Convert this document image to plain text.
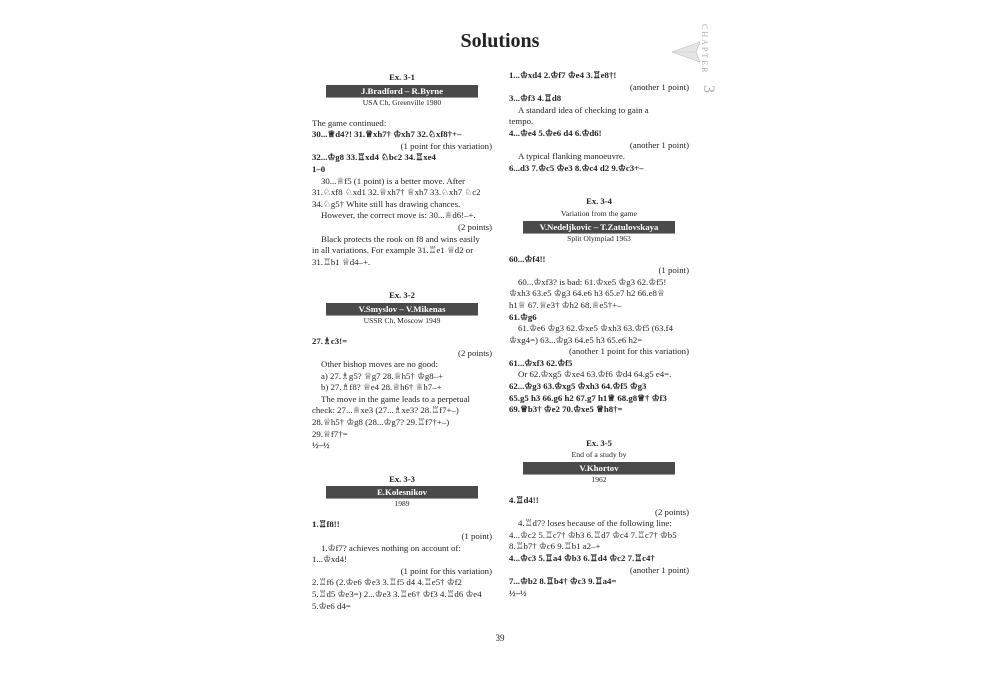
Solutions	CHAPTER
3
Ex. 3-1
J.Bradford – R.Byrne
USA Ch, Greenville 1980
The game continued:
30...♕d4?! 31.♕xh7† ♔xh7 32.♘xf8†+–
(1 point for this variation)
32...♔g8 33.♖xd4 ♘bc2 34.♖xe4
1–0
30...♕f5 (1 point) is a better move. After
31.♘xf8 ♘xd1 32.♕xh7† ♕xh7 33.♘xh7 ♘c2
34.♘g5† White still has drawing chances.
However, the correct move is: 30...♕d6!–+.
(2 points)
Black protects the rook on f8 and wins easily
in all variations. For example 31.♖e1 ♕d2 or
31.♖b1 ♕d4–+.
Ex. 3-2
V.Smyslov – V.Mikenas
USSR Ch, Moscow 1949
27.♗c3!=
(2 points)
Other bishop moves are no good:
a) 27.♗g5? ♕g7 28.♕h5† ♔g8–+
b) 27.♗f8? ♕e4 28.♕h6† ♕h7–+
The move in the game leads to a perpetual
check: 27...♕xe3 (27...♗xe3? 28.♖f7+–)
28.♕h5† ♔g8 (28...♔g7? 29.♖f7†+–)
29.♕f7†=
½–½
Ex. 3-3
E.Kolesnikov
1989
1.♖f8!!
(1 point)
1.♔f7? achieves nothing on account of:
1...♔xd4!
(1 point for this variation)
2.♖f6 (2.♔e6 ♔e3 3.♖f5 d4 4.♖e5† ♔f2
5.♖d5 ♔e3=) 2...♔e3 3.♖e6† ♔f3 4.♖d6 ♔e4
5.♔e6 d4=
1...♔xd4 2.♔f7 ♔e4 3.♖e8†!
(another 1 point)
3...♔f3 4.♖d8
A standard idea of checking to gain a
tempo.
4...♔e4 5.♔e6 d4 6.♔d6!
(another 1 point)
A typical flanking manoeuvre.
6...d3 7.♔c5 ♔e3 8.♔c4 d2 9.♔c3+–
Ex. 3-4
Variation from the game
V.Nedeljkovic – T.Zatulovskaya
Split Olympiad 1963
60...♔f4!!
(1 point)
60...♔xf3? is bad: 61.♔xe5 ♔g3 62.♔f5!
♔xh3 63.e5 ♔g3 64.e6 h3 65.e7 h2 66.e8♕
h1♕ 67.♕e3† ♔h2 68.♕e5†+–
61.♔g6
61.♔e6 ♔g3 62.♔xe5 ♔xh3 63.♔f5 (63.f4
♔xg4=) 63...♔g3 64.e5 h3 65.e6 h2=
(another 1 point for this variation)
61...♔xf3 62.♔f5
Or 62.♔xg5 ♔xe4 63.♔f6 ♔d4 64.g5 e4=.
62...♔g3 63.♔xg5 ♔xh3 64.♔f5 ♔g3
65.g5 h3 66.g6 h2 67.g7 h1♕ 68.g8♕† ♔f3
69.♕b3† ♔e2 70.♔xe5 ♕h8†=
Ex. 3-5
End of a study by
V.Khortov
1962
4.♖d4!!
(2 points)
4.♖d7? loses because of the following line:
4...♔c2 5.♖c7† ♔b3 6.♖d7 ♔c4 7.♖c7† ♔b5
8.♖b7† ♔c6 9.♖b1 a2–+
4...♔c3 5.♖a4 ♔b3 6.♖d4 ♔c2 7.♖c4†
(another 1 point)
7...♔b2 8.♖b4† ♔c3 9.♖a4=
½–½
39
